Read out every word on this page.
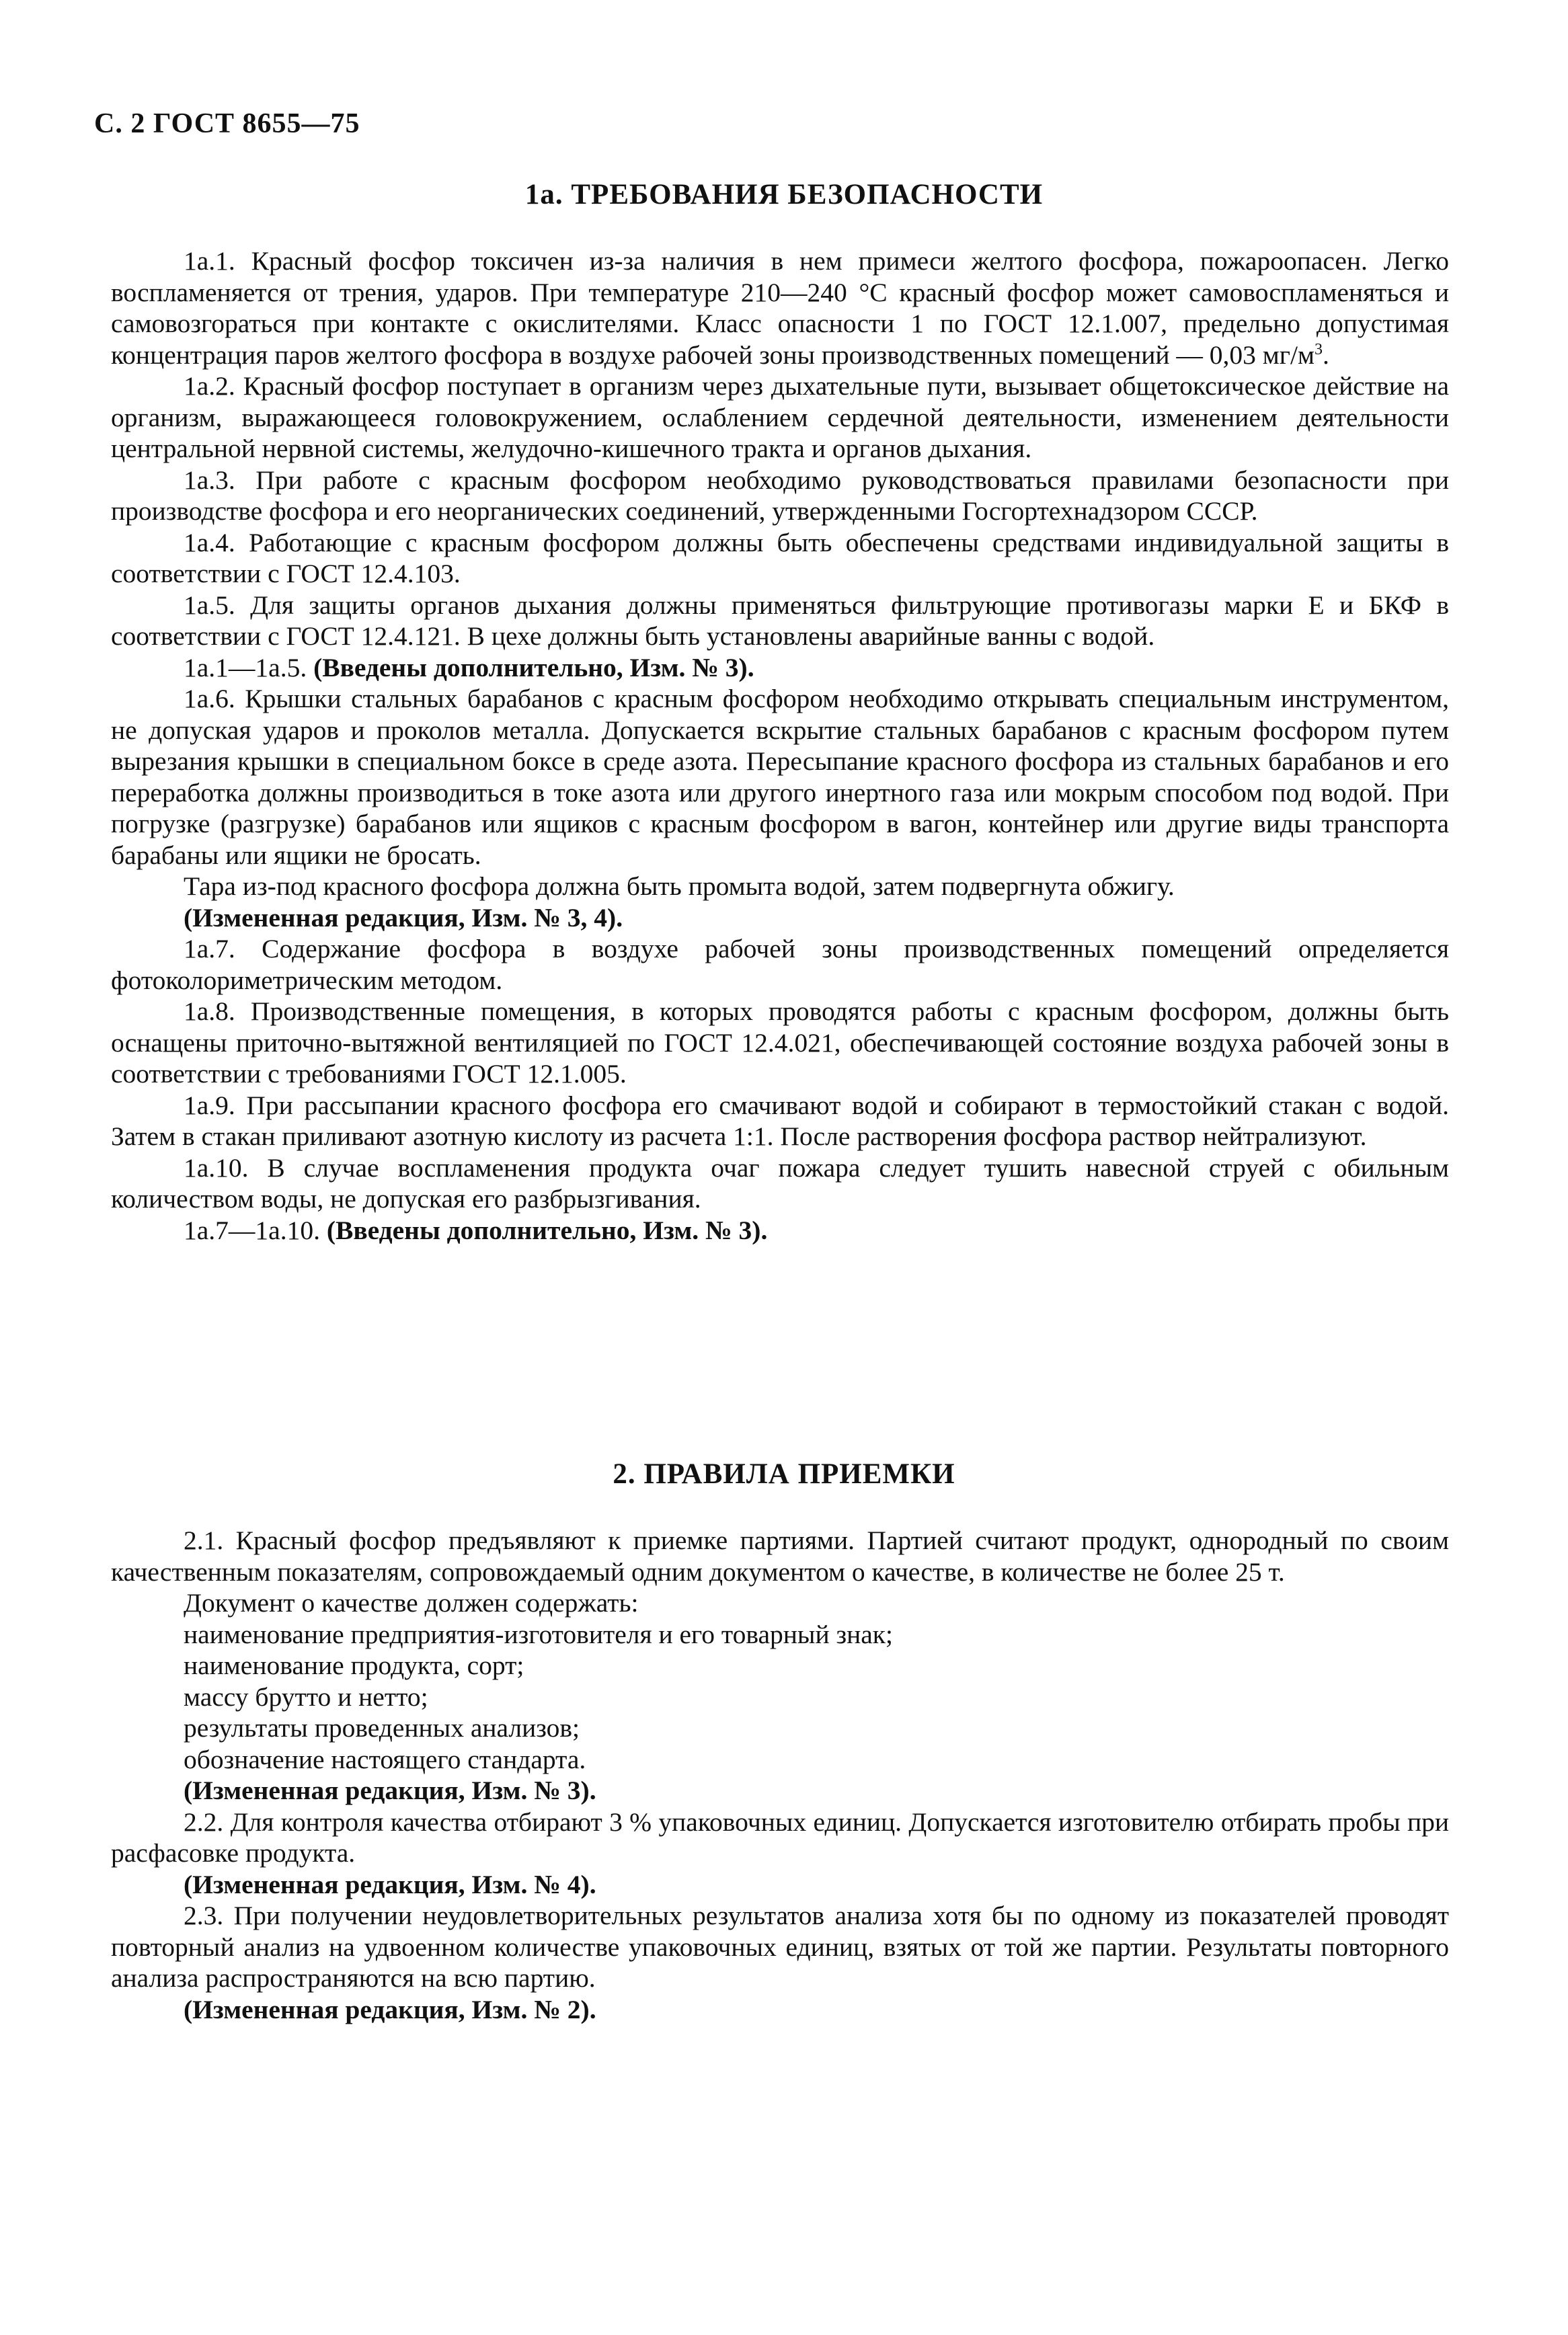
С. 2 ГОСТ 8655—75
1а. ТРЕБОВАНИЯ БЕЗОПАСНОСТИ

1а.1. Красный фосфор токсичен из-за наличия в нем примеси желтого фосфора, пожароопасен. Легко воспламеняется от трения, ударов. При температуре 210—240 °С красный фосфор может самовоспламеняться и самовозгораться при контакте с окислителями. Класс опасности 1 по ГОСТ 12.1.007, предельно допустимая концентрация паров желтого фосфора в воздухе рабочей зоны производственных помещений — 0,03 $мг/м^3$.

1а.2. Красный фосфор поступает в организм через дыхательные пути, вызывает общетоксическое действие на организм, выражающееся головокружением, ослаблением сердечной деятельности, изменением деятельности центральной нервной системы, желудочно-кишечного тракта и органов дыхания.

1а.3. При работе с красным фосфором необходимо руководствоваться правилами безопасности при производстве фосфора и его неорганических соединений, утвержденными Госгортехнадзором СССР.

1а.4. Работающие с красным фосфором должны быть обеспечены средствами индивидуальной защиты в соответствии с ГОСТ 12.4.103.

1а.5. Для защиты органов дыхания должны применяться фильтрующие противогазы марки Е и БКФ в соответствии с ГОСТ 12.4.121. В цехе должны быть установлены аварийные ванны с водой.

1а.1—1а.5. (Введены дополнительно, Изм. № 3).

1а.6. Крышки стальных барабанов с красным фосфором необходимо открывать специальным инструментом, не допуская ударов и проколов металла. Допускается вскрытие стальных барабанов с красным фосфором путем вырезания крышки в специальном боксе в среде азота. Пересыпание красного фосфора из стальных барабанов и его переработка должны производиться в токе азота или другого инертного газа или мокрым способом под водой. При погрузке (разгрузке) барабанов или ящиков с красным фосфором в вагон, контейнер или другие виды транспорта барабаны или ящики не бросать.

Тара из-под красного фосфора должна быть промыта водой, затем подвергнута обжигу.

(Измененная редакция, Изм. № 3, 4).

1а.7. Содержание фосфора в воздухе рабочей зоны производственных помещений определяется фотоколориметрическим методом.

1а.8. Производственные помещения, в которых проводятся работы с красным фосфором, должны быть оснащены приточно-вытяжной вентиляцией по ГОСТ 12.4.021, обеспечивающей состояние воздуха рабочей зоны в соответствии с требованиями ГОСТ 12.1.005.

1а.9. При рассыпании красного фосфора его смачивают водой и собирают в термостойкий стакан с водой. Затем в стакан приливают азотную кислоту из расчета 1:1. После растворения фосфора раствор нейтрализуют.

1а.10. В случае воспламенения продукта очаг пожара следует тушить навесной струей с обильным количеством воды, не допуская его разбрызгивания.

1а.7—1а.10. (Введены дополнительно, Изм. № 3).

2. ПРАВИЛА ПРИЕМКИ

2.1. Красный фосфор предъявляют к приемке партиями. Партией считают продукт, однородный по своим качественным показателям, сопровождаемый одним документом о качестве, в количестве не более 25 т.

Документ о качестве должен содержать:

наименование предприятия-изготовителя и его товарный знак;

наименование продукта, сорт;

массу брутто и нетто;

результаты проведенных анализов;

обозначение настоящего стандарта.

(Измененная редакция, Изм. № 3).

2.2. Для контроля качества отбирают 3 % упаковочных единиц. Допускается изготовителю отбирать пробы при расфасовке продукта.

(Измененная редакция, Изм. № 4).

2.3. При получении неудовлетворительных результатов анализа хотя бы по одному из показателей проводят повторный анализ на удвоенном количестве упаковочных единиц, взятых от той же партии. Результаты повторного анализа распространяются на всю партию.

(Измененная редакция, Изм. № 2).
